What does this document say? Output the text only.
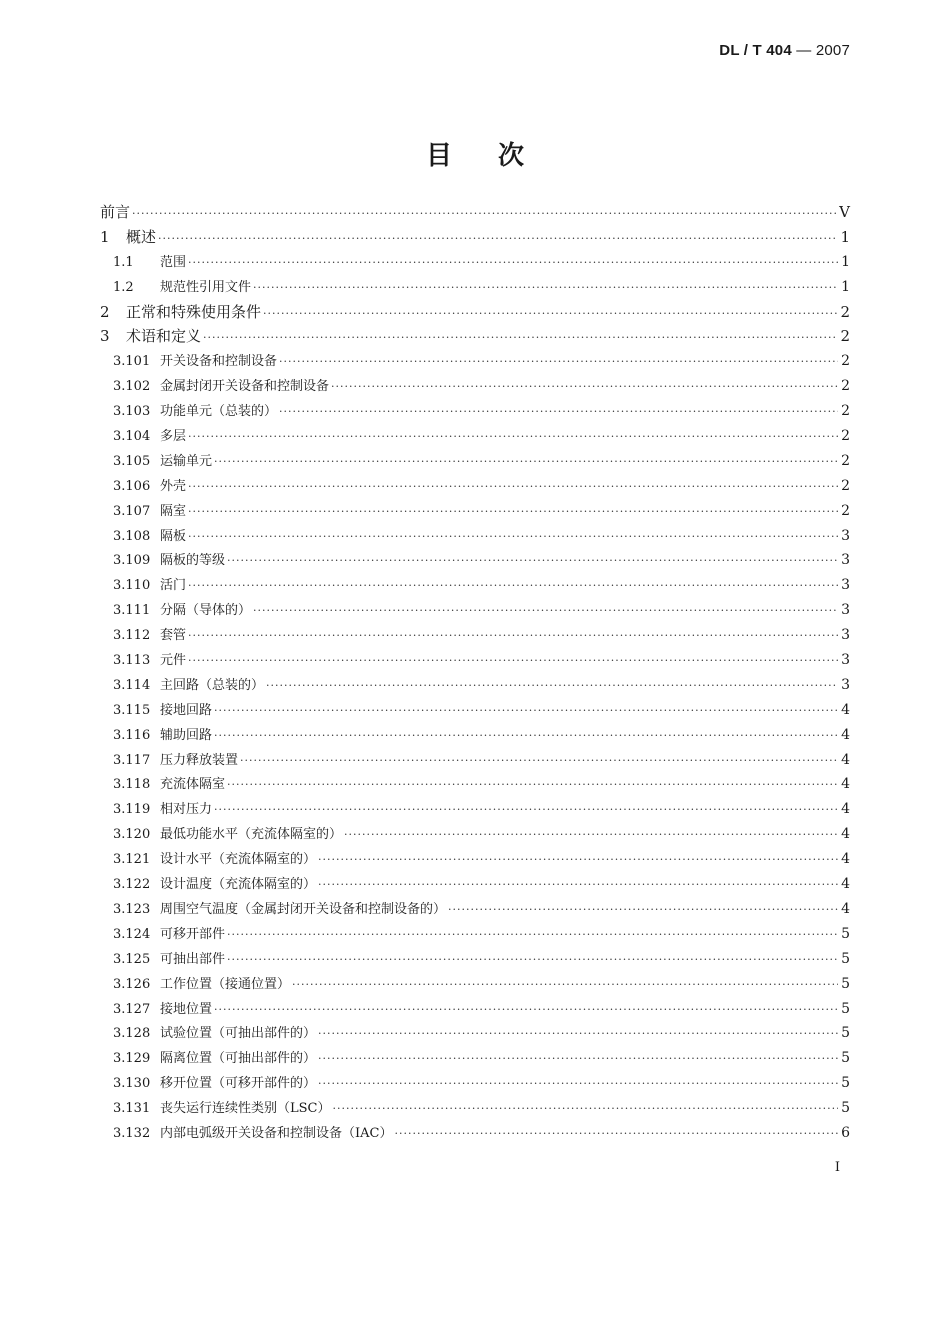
DL / T 404 — 2007
目次
前言 ·····	V
1	概述 ·····	1
1.1	范围 ·····	1
1.2	规范性引用文件 ·····	1
2	正常和特殊使用条件 ·····	2
3	术语和定义 ·····	2
3.101 开关设备和控制设备 ·····	2
3.102 金属封闭开关设备和控制设备 ·····	2
3.103 功能单元（总装的） ·····	2
3.104 多层 ·····	2
3.105 运输单元 ·····	2
3.106 外壳 ·····	2
3.107 隔室 ·····	2
3.108 隔板 ·····	3
3.109 隔板的等级 ·····	3
3.110 活门 ·····	3
3.111 分隔（导体的） ·····	3
3.112 套管 ·····	3
3.113 元件 ·····	3
3.114 主回路（总装的） ·····	3
3.115 接地回路 ·····	4
3.116 辅助回路 ·····	4
3.117 压力释放装置 ·····	4
3.118 充流体隔室 ·····	4
3.119 相对压力 ·····	4
3.120 最低功能水平（充流体隔室的） ·····	4
3.121 设计水平（充流体隔室的） ·····	4
3.122 设计温度（充流体隔室的） ·····	4
3.123 周围空气温度（金属封闭开关设备和控制设备的） ·····	4
3.124 可移开部件 ·····	5
3.125 可抽出部件 ·····	5
3.126 工作位置（接通位置） ·····	5
3.127 接地位置 ·····	5
3.128 试验位置（可抽出部件的） ·····	5
3.129 隔离位置（可抽出部件的） ·····	5
3.130 移开位置（可移开部件的） ·····	5
3.131 丧失运行连续性类别（LSC） ·····	5
3.132 内部电弧级开关设备和控制设备（IAC） ·····	6
I
